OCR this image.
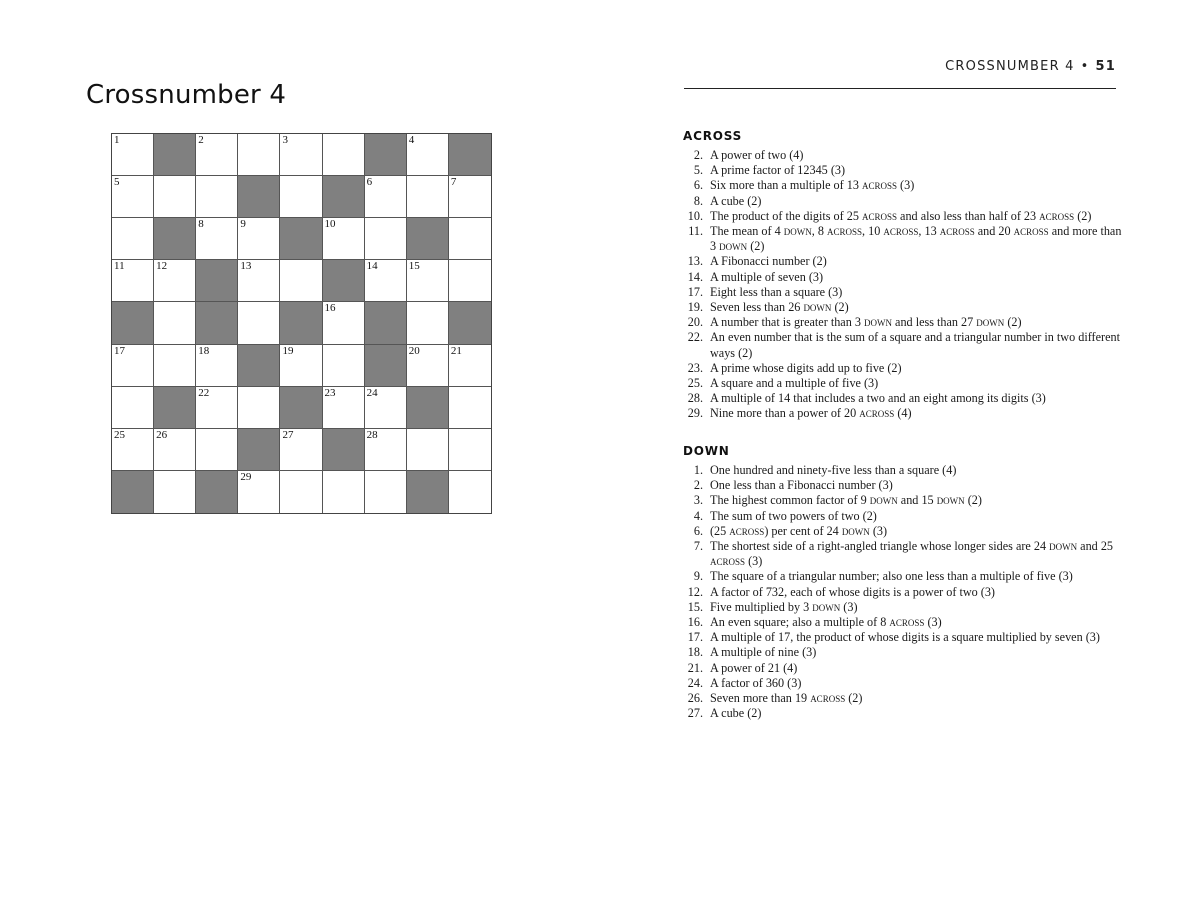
Crossnumber 4
CROSSNUMBER 4 • 51
1	2	3	4
5	6	7
8	9	10
11	12	13	14	15
16
17	18	19	20	21
22	23	24
25	26	27	28
29
ACROSS
2. A power of two (4)
5. A prime factor of 12345 (3)
6. Six more than a multiple of 13 across (3)
8. A cube (2)
10. The product of the digits of 25 across and also less than half of 23 across (2)
11. The mean of 4 down, 8 across, 10 across, 13 across and 20 across and more than 3 down (2)
13. A Fibonacci number (2)
14. A multiple of seven (3)
17. Eight less than a square (3)
19. Seven less than 26 down (2)
20. A number that is greater than 3 down and less than 27 down (2)
22. An even number that is the sum of a square and a triangular number in two different ways (2)
23. A prime whose digits add up to five (2)
25. A square and a multiple of five (3)
28. A multiple of 14 that includes a two and an eight among its digits (3)
29. Nine more than a power of 20 across (4)
DOWN
1. One hundred and ninety-five less than a square (4)
2. One less than a Fibonacci number (3)
3. The highest common factor of 9 down and 15 down (2)
4. The sum of two powers of two (2)
6. (25 across) per cent of 24 down (3)
7. The shortest side of a right-angled triangle whose longer sides are 24 down and 25 across (3)
9. The square of a triangular number; also one less than a multiple of five (3)
12. A factor of 732, each of whose digits is a power of two (3)
15. Five multiplied by 3 down (3)
16. An even square; also a multiple of 8 across (3)
17. A multiple of 17, the product of whose digits is a square multiplied by seven (3)
18. A multiple of nine (3)
21. A power of 21 (4)
24. A factor of 360 (3)
26. Seven more than 19 across (2)
27. A cube (2)
